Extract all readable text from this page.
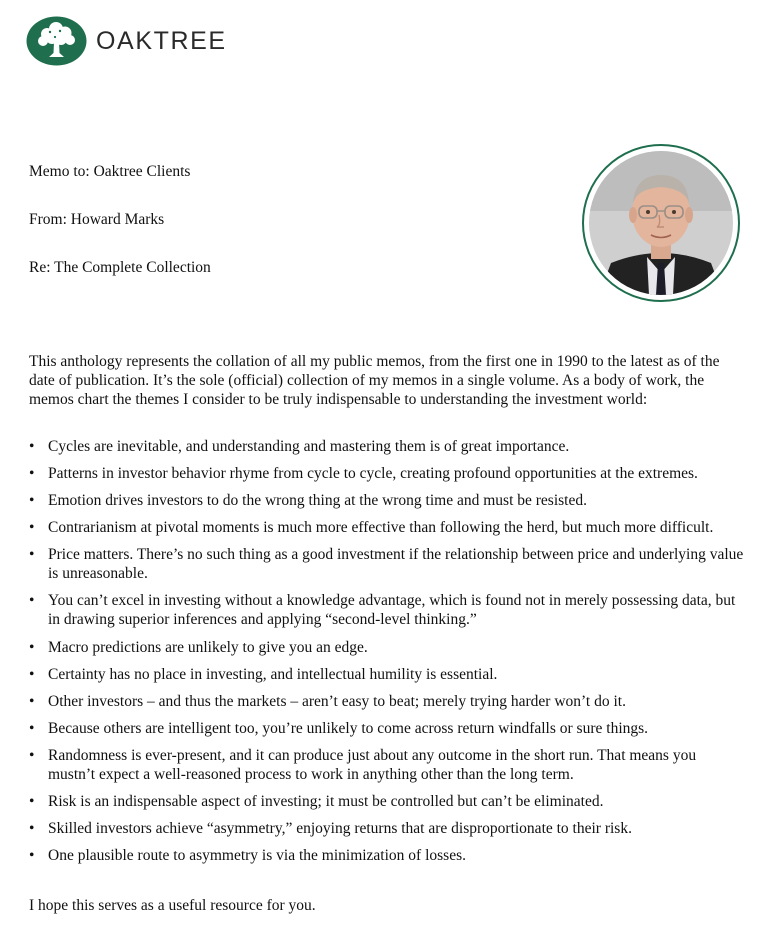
OAKTREE

Memo to: Oaktree Clients

From: Howard Marks

Re: The Complete Collection

This anthology represents the collation of all my public memos, from the first one in 1990 to the latest as of the date of publication. It’s the sole (official) collection of my memos in a single volume. As a body of work, the memos chart the themes I consider to be truly indispensable to understanding the investment world:

• Cycles are inevitable, and understanding and mastering them is of great importance.
• Patterns in investor behavior rhyme from cycle to cycle, creating profound opportunities at the extremes.
• Emotion drives investors to do the wrong thing at the wrong time and must be resisted.
• Contrarianism at pivotal moments is much more effective than following the herd, but much more difficult.
• Price matters. There’s no such thing as a good investment if the relationship between price and underlying value is unreasonable.
• You can’t excel in investing without a knowledge advantage, which is found not in merely possessing data, but in drawing superior inferences and applying “second-level thinking.”
• Macro predictions are unlikely to give you an edge.
• Certainty has no place in investing, and intellectual humility is essential.
• Other investors – and thus the markets – aren’t easy to beat; merely trying harder won’t do it.
• Because others are intelligent too, you’re unlikely to come across return windfalls or sure things.
• Randomness is ever-present, and it can produce just about any outcome in the short run. That means you mustn’t expect a well-reasoned process to work in anything other than the long term.
• Risk is an indispensable aspect of investing; it must be controlled but can’t be eliminated.
• Skilled investors achieve “asymmetry,” enjoying returns that are disproportionate to their risk.
• One plausible route to asymmetry is via the minimization of losses.

I hope this serves as a useful resource for you.
